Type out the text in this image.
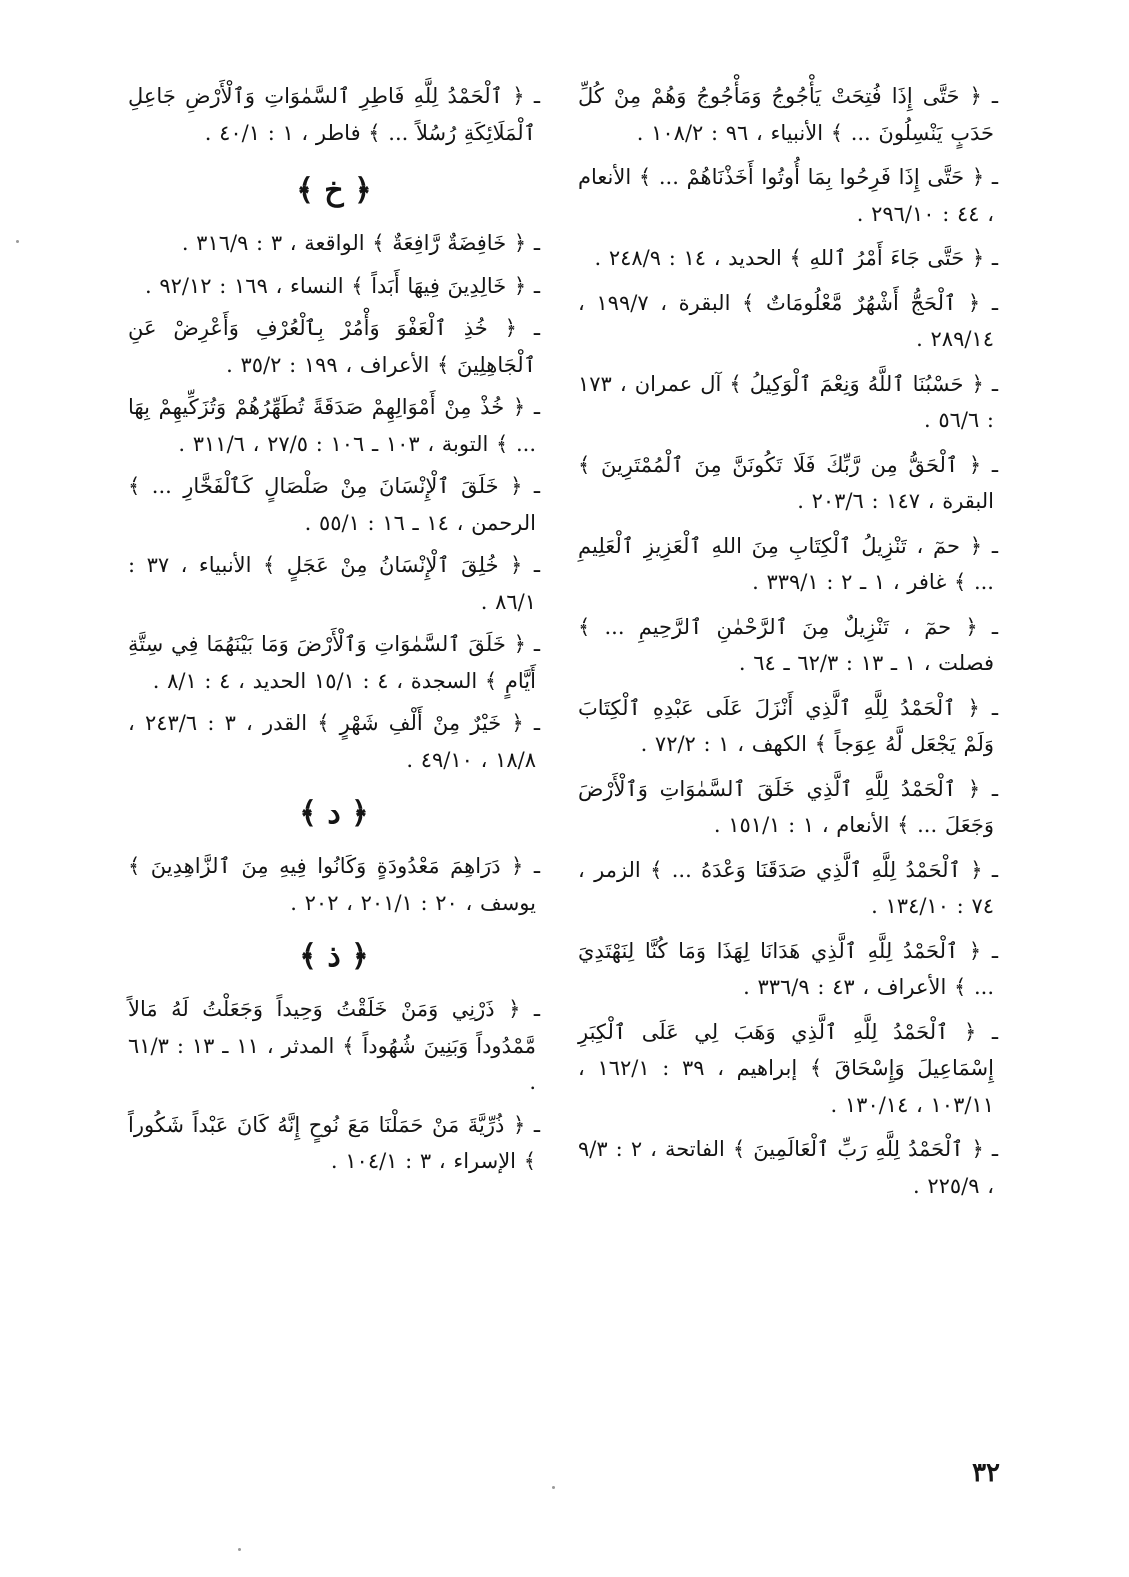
ـ ﴿ حَتَّى إِذَا فُتِحَتْ يَأْجُوجُ وَمَأْجُوجُ وَهُمْ مِنْ كُلِّ حَدَبٍ يَنْسِلُونَ ... ﴾ الأنبياء ، ٩٦ : ١٠٨/٢ .

ـ ﴿ حَتَّى إِذَا فَرِحُوا بِمَا أُوتُوا أَخَذْنَاهُمْ ... ﴾ الأنعام ، ٤٤ : ٢٩٦/١٠ .

ـ ﴿ حَتَّى جَاءَ أَمْرُ ٱللهِ ﴾ الحديد ، ١٤ : ٢٤٨/٩ .

ـ ﴿ ٱلْحَجُّ أَشْهُرٌ مَّعْلُومَاتٌ ﴾ البقرة ، ١٩٩/٧ ، ٢٨٩/١٤ .

ـ ﴿ حَسْبُنَا ٱللَّهُ وَنِعْمَ ٱلْوَكِيلُ ﴾ آل عمران ، ١٧٣ : ٥٦/٦ .

ـ ﴿ ٱلْحَقُّ مِن رَّبِّكَ فَلَا تَكُونَنَّ مِنَ ٱلْمُمْتَرِينَ ﴾ البقرة ، ١٤٧ : ٢٠٣/٦ .

ـ ﴿ حمٓ ، تَنْزِيلُ ٱلْكِتَابِ مِنَ اللهِ ٱلْعَزِيزِ ٱلْعَلِيمِ ... ﴾ غافر ، ١ ـ ٢ : ٣٣٩/١ .

ـ ﴿ حمٓ ، تَنْزِيلٌ مِنَ ٱلرَّحْمٰنِ ٱلرَّحِيمِ ... ﴾ فصلت ، ١ ـ ١٣ : ٦٢/٣ ـ ٦٤ .

ـ ﴿ ٱلْحَمْدُ لِلَّهِ ٱلَّذِي أَنْزَلَ عَلَى عَبْدِهِ ٱلْكِتَابَ وَلَمْ يَجْعَل لَّهُ عِوَجاً ﴾ الكهف ، ١ : ٧٢/٢ .

ـ ﴿ ٱلْحَمْدُ لِلَّهِ ٱلَّذِي خَلَقَ ٱلسَّمٰوَاتِ وَٱلْأَرْضَ وَجَعَلَ ... ﴾ الأنعام ، ١ : ١٥١/١ .

ـ ﴿ ٱلْحَمْدُ لِلَّهِ ٱلَّذِي صَدَقَنَا وَعْدَهُ ... ﴾ الزمر ، ٧٤ : ١٣٤/١٠ .

ـ ﴿ ٱلْحَمْدُ لِلَّهِ ٱلَّذِي هَدَانَا لِهَذَا وَمَا كُنَّا لِنَهْتَدِيَ ... ﴾ الأعراف ، ٤٣ : ٣٣٦/٩ .

ـ ﴿ ٱلْحَمْدُ لِلَّهِ ٱلَّذِي وَهَبَ لِي عَلَى ٱلْكِبَرِ إِسْمَاعِيلَ وَإِسْحَاقَ ﴾ إبراهيم ، ٣٩ : ١٦٢/١ ، ١٠٣/١١ ، ١٣٠/١٤ .

ـ ﴿ ٱلْحَمْدُ لِلَّهِ رَبِّ ٱلْعَالَمِينَ ﴾ الفاتحة ، ٢ : ٩/٣ ، ٢٢٥/٩ .

ـ ﴿ ٱلْحَمْدُ لِلَّهِ فَاطِرِ ٱلسَّمٰوَاتِ وَٱلْأَرْضِ جَاعِلِ ٱلْمَلَائِكَةِ رُسُلاً ... ﴾ فاطر ، ١ : ٤٠/١ .

﴿ خ ﴾

ـ ﴿ خَافِضَةٌ رَّافِعَةٌ ﴾ الواقعة ، ٣ : ٣١٦/٩ .

ـ ﴿ خَالِدِينَ فِيهَا أَبَداً ﴾ النساء ، ١٦٩ : ٩٢/١٢ .

ـ ﴿ خُذِ ٱلْعَفْوَ وَأْمُرْ بِٱلْعُرْفِ وَأَعْرِضْ عَنِ ٱلْجَاهِلِينَ ﴾ الأعراف ، ١٩٩ : ٣٥/٢ .

ـ ﴿ خُذْ مِنْ أَمْوَالِهِمْ صَدَقَةً تُطَهِّرُهُمْ وَتُزَكِّيهِمْ بِهَا ... ﴾ التوبة ، ١٠٣ ـ ١٠٦ : ٢٧/٥ ، ٣١١/٦ .

ـ ﴿ خَلَقَ ٱلْإِنْسَانَ مِنْ صَلْصَالٍ كَٱلْفَخَّارِ ... ﴾ الرحمن ، ١٤ ـ ١٦ : ٥٥/١ .

ـ ﴿ خُلِقَ ٱلْإِنْسَانُ مِنْ عَجَلٍ ﴾ الأنبياء ، ٣٧ : ٨٦/١ .

ـ ﴿ خَلَقَ ٱلسَّمٰوَاتِ وَٱلْأَرْضَ وَمَا بَيْنَهُمَا فِي سِتَّةِ أَيَّامٍ ﴾ السجدة ، ٤ : ١٥/١ الحديد ، ٤ : ٨/١ .

ـ ﴿ خَيْرٌ مِنْ أَلْفِ شَهْرٍ ﴾ القدر ، ٣ : ٢٤٣/٦ ، ١٨/٨ ، ٤٩/١٠ .

﴿ د ﴾

ـ ﴿ دَرَاهِمَ مَعْدُودَةٍ وَكَانُوا فِيهِ مِنَ ٱلزَّاهِدِينَ ﴾ يوسف ، ٢٠ : ٢٠١/١ ، ٢٠٢ .

﴿ ذ ﴾

ـ ﴿ ذَرْنِي وَمَنْ خَلَقْتُ وَحِيداً وَجَعَلْتُ لَهُ مَالاً مَّمْدُوداً وَبَنِينَ شُهُوداً ﴾ المدثر ، ١١ ـ ١٣ : ٦١/٣ .

ـ ﴿ ذُرِّيَّةَ مَنْ حَمَلْنَا مَعَ نُوحٍ إِنَّهُ كَانَ عَبْداً شَكُوراً ﴾ الإسراء ، ٣ : ١٠٤/١ .

٣٢
